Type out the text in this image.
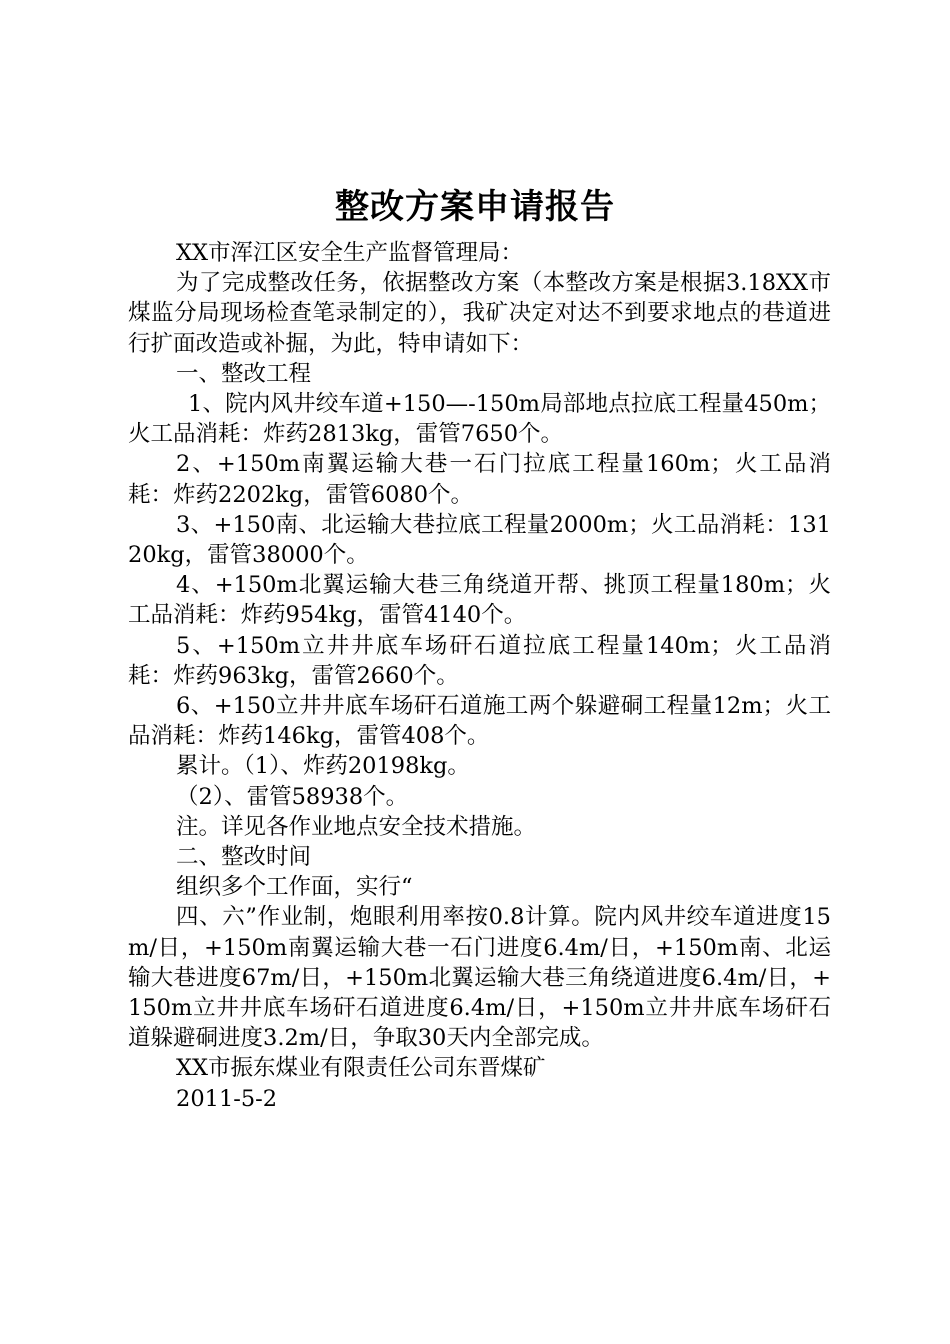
整改方案申请报告

XX市浑江区安全生产监督管理局：

为了完成整改任务，依据整改方案（本整改方案是根据3.18XX市煤监分局现场检查笔录制定的），我矿决定对达不到要求地点的巷道进行扩面改造或补掘，为此，特申请如下：

一、整改工程

1、院内风井绞车道+150—-150m局部地点拉底工程量450m；火工品消耗：炸药2813kg，雷管7650个。

2、+150m南翼运输大巷一石门拉底工程量160m；火工品消耗：炸药2202kg，雷管6080个。

3、+150南、北运输大巷拉底工程量2000m；火工品消耗：13120kg，雷管38000个。

4、+150m北翼运输大巷三角绕道开帮、挑顶工程量180m；火工品消耗：炸药954kg，雷管4140个。

5、+150m立井井底车场矸石道拉底工程量140m；火工品消耗：炸药963kg，雷管2660个。

6、+150立井井底车场矸石道施工两个躲避硐工程量12m；火工品消耗：炸药146kg，雷管408个。

累计。（1）、炸药20198kg。

（2）、雷管58938个。

注。详见各作业地点安全技术措施。

二、整改时间

组织多个工作面，实行“

四、六”作业制，炮眼利用率按0.8计算。院内风井绞车道进度15m/日，+150m南翼运输大巷一石门进度6.4m/日，+150m南、北运输大巷进度67m/日，+150m北翼运输大巷三角绕道进度6.4m/日，+150m立井井底车场矸石道进度6.4m/日，+150m立井井底车场矸石道躲避硐进度3.2m/日，争取30天内全部完成。

XX市振东煤业有限责任公司东晋煤矿

2011-5-2
